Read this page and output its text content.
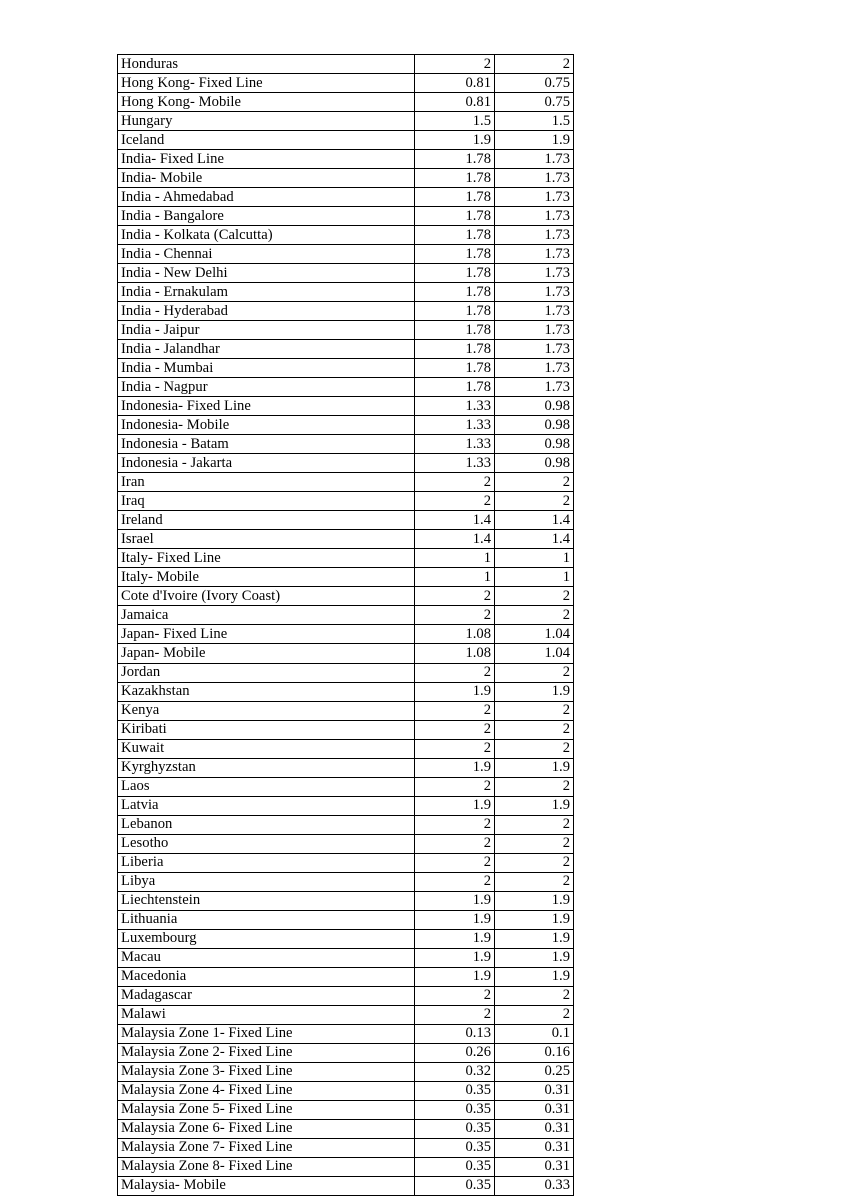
Honduras	2	2
Hong Kong- Fixed Line	0.81	0.75
Hong Kong- Mobile	0.81	0.75
Hungary	1.5	1.5
Iceland	1.9	1.9
India- Fixed Line	1.78	1.73
India- Mobile	1.78	1.73
India - Ahmedabad	1.78	1.73
India - Bangalore	1.78	1.73
India - Kolkata (Calcutta)	1.78	1.73
India - Chennai	1.78	1.73
India - New Delhi	1.78	1.73
India - Ernakulam	1.78	1.73
India - Hyderabad	1.78	1.73
India - Jaipur	1.78	1.73
India - Jalandhar	1.78	1.73
India - Mumbai	1.78	1.73
India - Nagpur	1.78	1.73
Indonesia- Fixed Line	1.33	0.98
Indonesia- Mobile	1.33	0.98
Indonesia - Batam	1.33	0.98
Indonesia - Jakarta	1.33	0.98
Iran	2	2
Iraq	2	2
Ireland	1.4	1.4
Israel	1.4	1.4
Italy- Fixed Line	1	1
Italy- Mobile	1	1
Cote d'Ivoire (Ivory Coast)	2	2
Jamaica	2	2
Japan- Fixed Line	1.08	1.04
Japan- Mobile	1.08	1.04
Jordan	2	2
Kazakhstan	1.9	1.9
Kenya	2	2
Kiribati	2	2
Kuwait	2	2
Kyrghyzstan	1.9	1.9
Laos	2	2
Latvia	1.9	1.9
Lebanon	2	2
Lesotho	2	2
Liberia	2	2
Libya	2	2
Liechtenstein	1.9	1.9
Lithuania	1.9	1.9
Luxembourg	1.9	1.9
Macau	1.9	1.9
Macedonia	1.9	1.9
Madagascar	2	2
Malawi	2	2
Malaysia Zone 1- Fixed Line	0.13	0.1
Malaysia Zone 2- Fixed Line	0.26	0.16
Malaysia Zone 3- Fixed Line	0.32	0.25
Malaysia Zone 4- Fixed Line	0.35	0.31
Malaysia Zone 5- Fixed Line	0.35	0.31
Malaysia Zone 6- Fixed Line	0.35	0.31
Malaysia Zone 7- Fixed Line	0.35	0.31
Malaysia Zone 8- Fixed Line	0.35	0.31
Malaysia- Mobile	0.35	0.33
